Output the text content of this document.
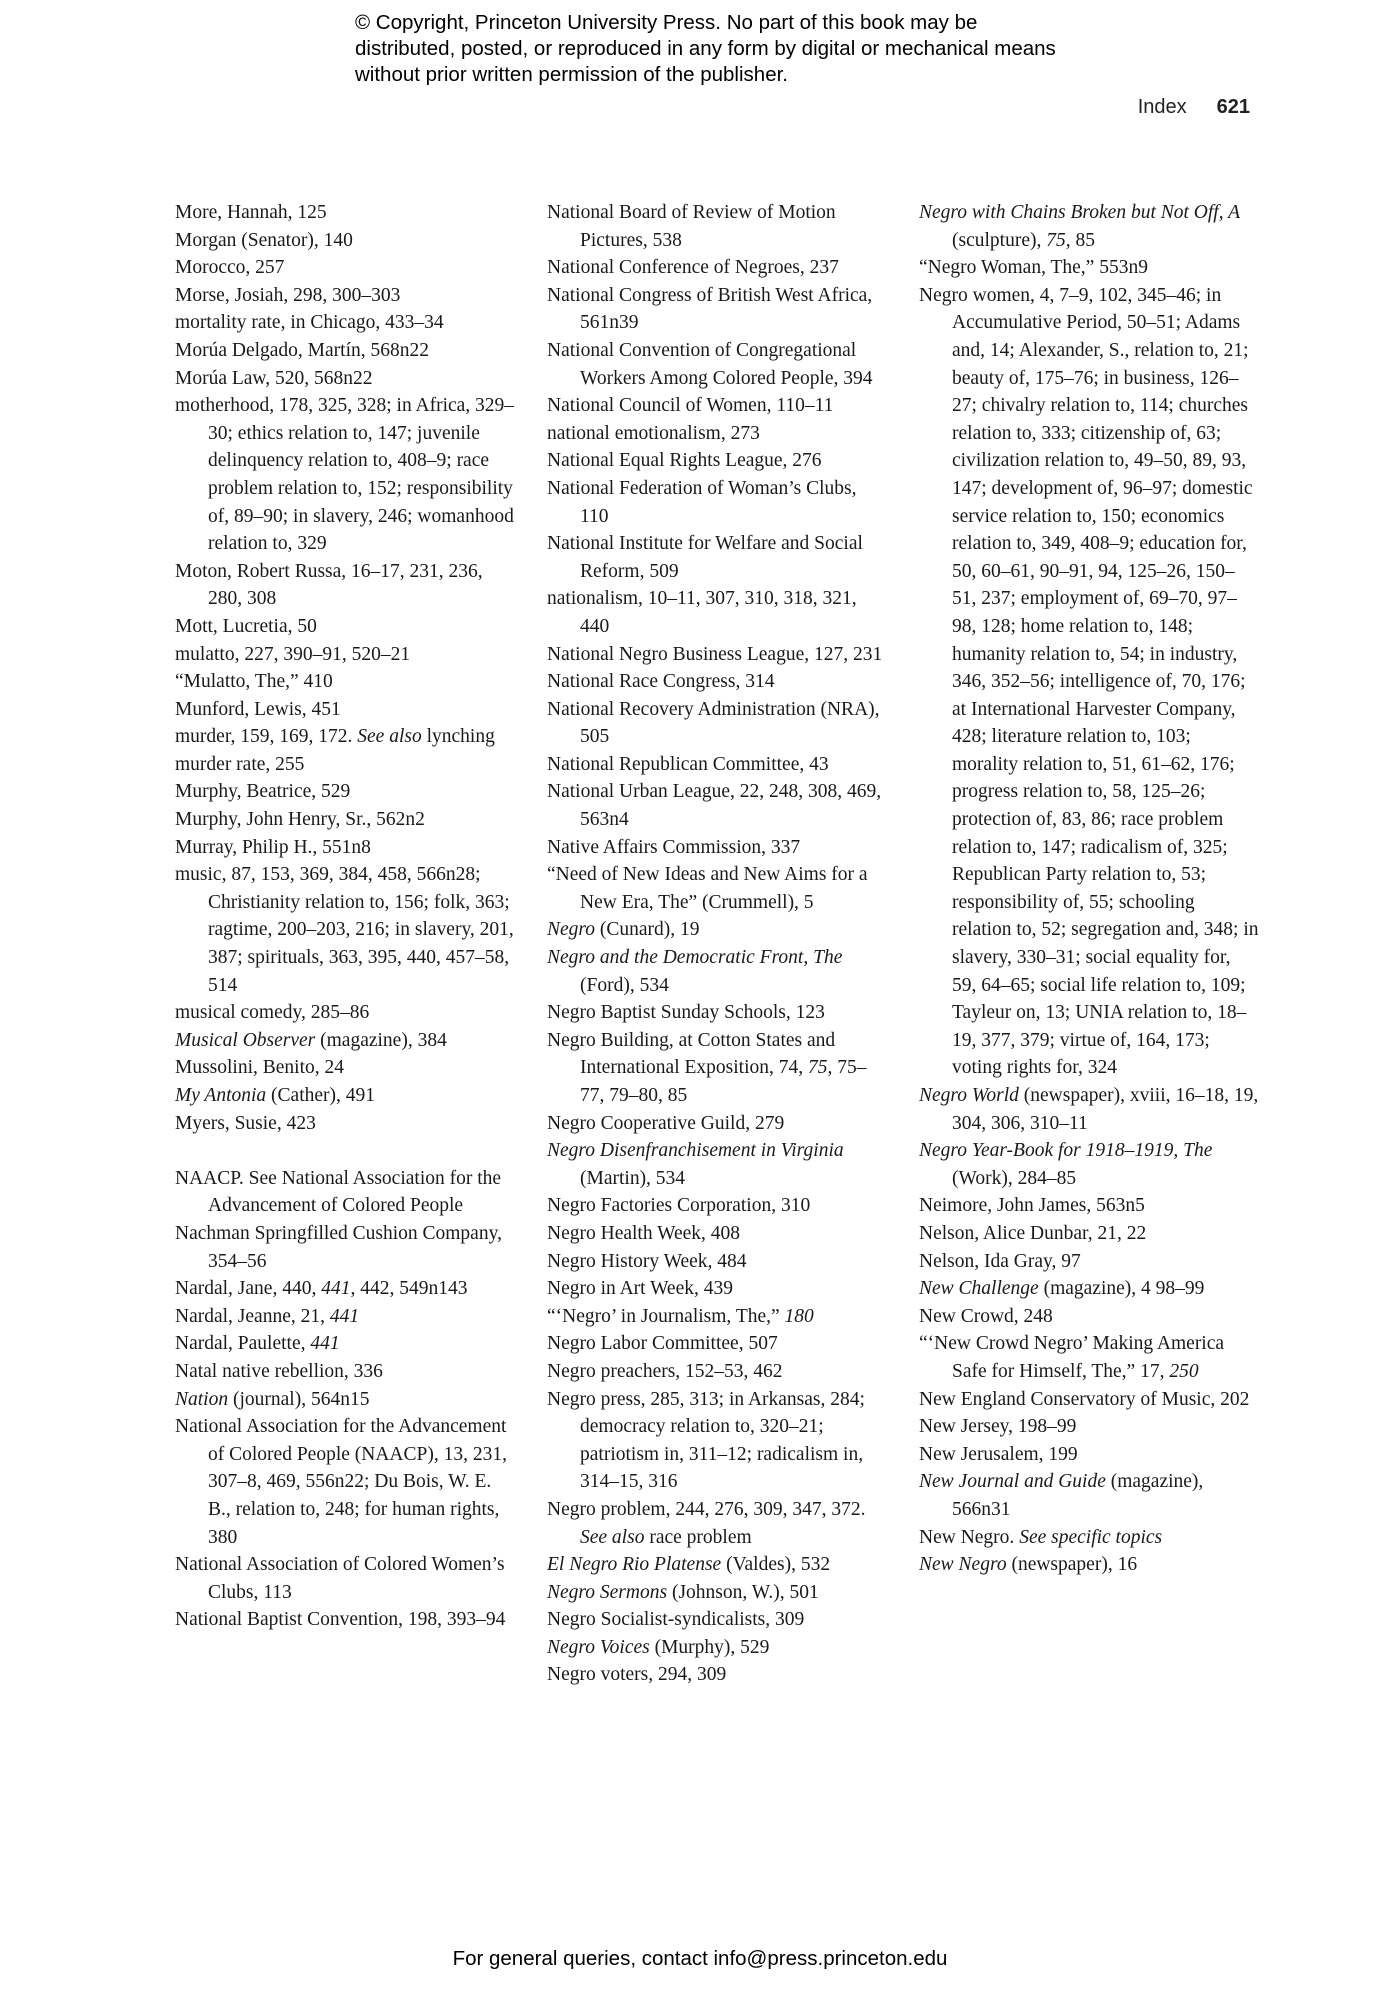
© Copyright, Princeton University Press. No part of this book may be distributed, posted, or reproduced in any form by digital or mechanical means without prior written permission of the publisher.
Index 621
More, Hannah, 125
Morgan (Senator), 140
Morocco, 257
Morse, Josiah, 298, 300–303
mortality rate, in Chicago, 433–34
Morúa Delgado, Martín, 568n22
Morúa Law, 520, 568n22
motherhood, 178, 325, 328; in Africa, 329–30; ethics relation to, 147; juvenile delinquency relation to, 408–9; race problem relation to, 152; responsibility of, 89–90; in slavery, 246; womanhood relation to, 329
Moton, Robert Russa, 16–17, 231, 236, 280, 308
Mott, Lucretia, 50
mulatto, 227, 390–91, 520–21
“Mulatto, The,” 410
Munford, Lewis, 451
murder, 159, 169, 172. See also lynching
murder rate, 255
Murphy, Beatrice, 529
Murphy, John Henry, Sr., 562n2
Murray, Philip H., 551n8
music, 87, 153, 369, 384, 458, 566n28; Christianity relation to, 156; folk, 363; ragtime, 200–203, 216; in slavery, 201, 387; spirituals, 363, 395, 440, 457–58, 514
musical comedy, 285–86
Musical Observer (magazine), 384
Mussolini, Benito, 24
My Antonia (Cather), 491
Myers, Susie, 423
NAACP. See National Association for the Advancement of Colored People
Nachman Springfilled Cushion Company, 354–56
Nardal, Jane, 440, 441, 442, 549n143
Nardal, Jeanne, 21, 441
Nardal, Paulette, 441
Natal native rebellion, 336
Nation (journal), 564n15
National Association for the Advancement of Colored People (NAACP), 13, 231, 307–8, 469, 556n22; Du Bois, W. E. B., relation to, 248; for human rights, 380
National Association of Colored Women’s Clubs, 113
National Baptist Convention, 198, 393–94
National Board of Review of Motion Pictures, 538
National Conference of Negroes, 237
National Congress of British West Africa, 561n39
National Convention of Congregational Workers Among Colored People, 394
National Council of Women, 110–11
national emotionalism, 273
National Equal Rights League, 276
National Federation of Woman’s Clubs, 110
National Institute for Welfare and Social Reform, 509
nationalism, 10–11, 307, 310, 318, 321, 440
National Negro Business League, 127, 231
National Race Congress, 314
National Recovery Administration (NRA), 505
National Republican Committee, 43
National Urban League, 22, 248, 308, 469, 563n4
Native Affairs Commission, 337
“Need of New Ideas and New Aims for a New Era, The” (Crummell), 5
Negro (Cunard), 19
Negro and the Democratic Front, The (Ford), 534
Negro Baptist Sunday Schools, 123
Negro Building, at Cotton States and International Exposition, 74, 75, 75–77, 79–80, 85
Negro Cooperative Guild, 279
Negro Disenfranchisement in Virginia (Martin), 534
Negro Factories Corporation, 310
Negro Health Week, 408
Negro History Week, 484
Negro in Art Week, 439
“‘Negro’ in Journalism, The,” 180
Negro Labor Committee, 507
Negro preachers, 152–53, 462
Negro press, 285, 313; in Arkansas, 284; democracy relation to, 320–21; patriotism in, 311–12; radicalism in, 314–15, 316
Negro problem, 244, 276, 309, 347, 372. See also race problem
El Negro Rio Platense (Valdes), 532
Negro Sermons (Johnson, W.), 501
Negro Socialist-syndicalists, 309
Negro Voices (Murphy), 529
Negro voters, 294, 309
Negro with Chains Broken but Not Off, A (sculpture), 75, 85
“Negro Woman, The,” 553n9
Negro women, 4, 7–9, 102, 345–46; in Accumulative Period, 50–51; Adams and, 14; Alexander, S., relation to, 21; beauty of, 175–76; in business, 126–27; chivalry relation to, 114; churches relation to, 333; citizenship of, 63; civilization relation to, 49–50, 89, 93, 147; development of, 96–97; domestic service relation to, 150; economics relation to, 349, 408–9; education for, 50, 60–61, 90–91, 94, 125–26, 150–51, 237; employment of, 69–70, 97–98, 128; home relation to, 148; humanity relation to, 54; in industry, 346, 352–56; intelligence of, 70, 176; at International Harvester Company, 428; literature relation to, 103; morality relation to, 51, 61–62, 176; progress relation to, 58, 125–26; protection of, 83, 86; race problem relation to, 147; radicalism of, 325; Republican Party relation to, 53; responsibility of, 55; schooling relation to, 52; segregation and, 348; in slavery, 330–31; social equality for, 59, 64–65; social life relation to, 109; Tayleur on, 13; UNIA relation to, 18–19, 377, 379; virtue of, 164, 173; voting rights for, 324
Negro World (newspaper), xviii, 16–18, 19, 304, 306, 310–11
Negro Year-Book for 1918–1919, The (Work), 284–85
Neimore, John James, 563n5
Nelson, Alice Dunbar, 21, 22
Nelson, Ida Gray, 97
New Challenge (magazine), 4 98–99
New Crowd, 248
“‘New Crowd Negro’ Making America Safe for Himself, The,” 17, 250
New England Conservatory of Music, 202
New Jersey, 198–99
New Jerusalem, 199
New Journal and Guide (magazine), 566n31
New Negro. See specific topics
New Negro (newspaper), 16
For general queries, contact info@press.princeton.edu
